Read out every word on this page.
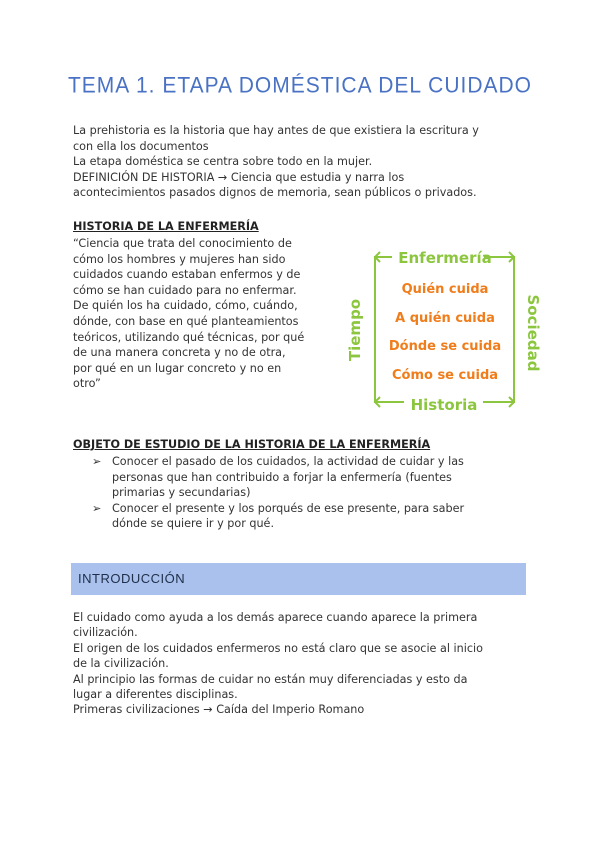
TEMA 1. ETAPA DOMÉSTICA DEL CUIDADO
La prehistoria es la historia que hay antes de que existiera la escritura y
con ella los documentos
La etapa doméstica se centra sobre todo en la mujer.
DEFINICIÓN DE HISTORIA → Ciencia que estudia y narra los
acontecimientos pasados dignos de memoria, sean públicos o privados.
HISTORIA DE LA ENFERMERÍA
“Ciencia que trata del conocimiento de
cómo los hombres y mujeres han sido
cuidados cuando estaban enfermos y de
cómo se han cuidado para no enfermar.
De quién los ha cuidado, cómo, cuándo,
dónde, con base en qué planteamientos
teóricos, utilizando qué técnicas, por qué
de una manera concreta y no de otra,
por qué en un lugar concreto y no en
otro”
Enfermería
Historia
Tiempo	Sociedad
Quién cuida
A quién cuida
Dónde se cuida
Cómo se cuida
OBJETO DE ESTUDIO DE LA HISTORIA DE LA ENFERMERÍA
➢ Conocer el pasado de los cuidados, la actividad de cuidar y las
personas que han contribuido a forjar la enfermería (fuentes
primarias y secundarias)
➢ Conocer el presente y los porqués de ese presente, para saber
dónde se quiere ir y por qué.
INTRODUCCIÓN
El cuidado como ayuda a los demás aparece cuando aparece la primera
civilización.
El origen de los cuidados enfermeros no está claro que se asocie al inicio
de la civilización.
Al principio las formas de cuidar no están muy diferenciadas y esto da
lugar a diferentes disciplinas.
Primeras civilizaciones → Caída del Imperio Romano
